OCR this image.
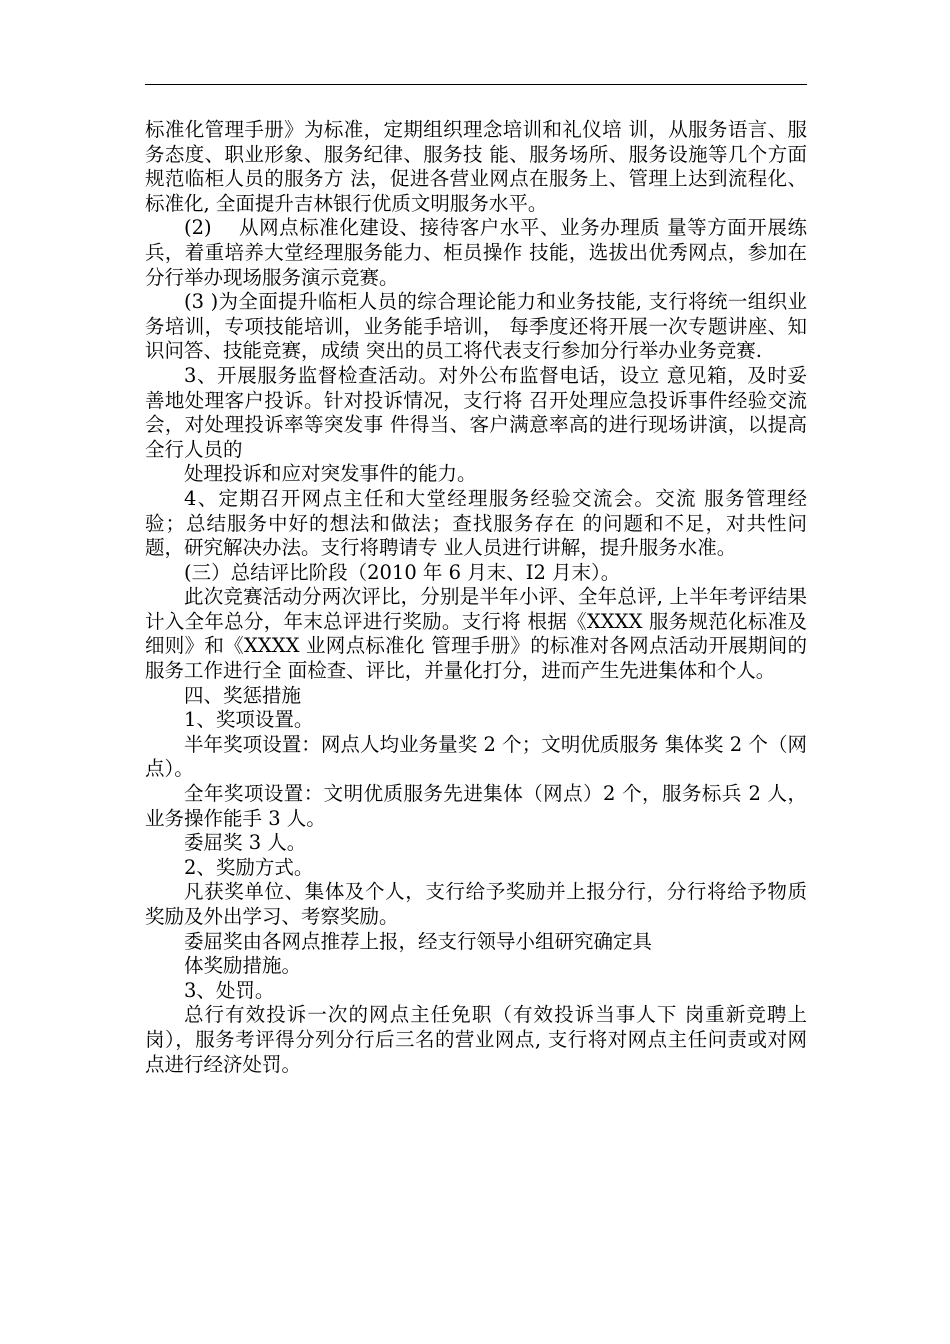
标准化管理手册》为标准，定期组织理念培训和礼仪培 训，从服务语言、服务态度、职业形象、服务纪律、服务技 能、服务场所、服务设施等几个方面规范临柜人员的服务方 法，促进各营业网点在服务上、管理上达到流程化、标准化, 全面提升吉林银行优质文明服务水平。

(2)　 从网点标准化建设、接待客户水平、业务办理质 量等方面开展练兵，着重培养大堂经理服务能力、柜员操作 技能，选拔出优秀网点，参加在分行举办现场服务演示竞赛。

(3 )为全面提升临柜人员的综合理论能力和业务技能, 支行将统一组织业务培训，专项技能培训，业务能手培训， 每季度还将开展一次专题讲座、知识问答、技能竞赛，成绩 突出的员工将代表支行参加分行举办业务竞赛.

3、开展服务监督检查活动。对外公布监督电话，设立 意见箱，及时妥善地处理客户投诉。针对投诉情况，支行将 召开处理应急投诉事件经验交流会，对处理投诉率等突发事 件得当、客户满意率高的进行现场讲演，以提高全行人员的

处理投诉和应对突发事件的能力。

4、定期召开网点主任和大堂经理服务经验交流会。交流 服务管理经验；总结服务中好的想法和做法；查找服务存在 的问题和不足，对共性问题，研究解决办法。支行将聘请专 业人员进行讲解，提升服务水准。

(三）总结评比阶段（2010 年 6 月末、I2 月末）。

此次竞赛活动分两次评比，分别是半年小评、全年总评, 上半年考评结果计入全年总分，年末总评进行奖励。支行将 根据《XXXX 服务规范化标准及细则》和《XXXX 业网点标准化 管理手册》的标准对各网点活动开展期间的服务工作进行全 面检查、评比，并量化打分，进而产生先进集体和个人。

四、奖惩措施

1、奖项设置。

半年奖项设置：网点人均业务量奖 2 个；文明优质服务 集体奖 2 个（网点）。

全年奖项设置：文明优质服务先进集体（网点）2 个，服务标兵 2 人，业务操作能手 3 人。

委屈奖 3 人。

2、奖励方式。

凡获奖单位、集体及个人，支行给予奖励并上报分行，分行将给予物质奖励及外出学习、考察奖励。

委屈奖由各网点推荐上报，经支行领导小组研究确定具

体奖励措施。

3、处罚。

总行有效投诉一次的网点主任免职（有效投诉当事人下 岗重新竞聘上岗），服务考评得分列分行后三名的营业网点, 支行将对网点主任问责或对网点进行经济处罚。
